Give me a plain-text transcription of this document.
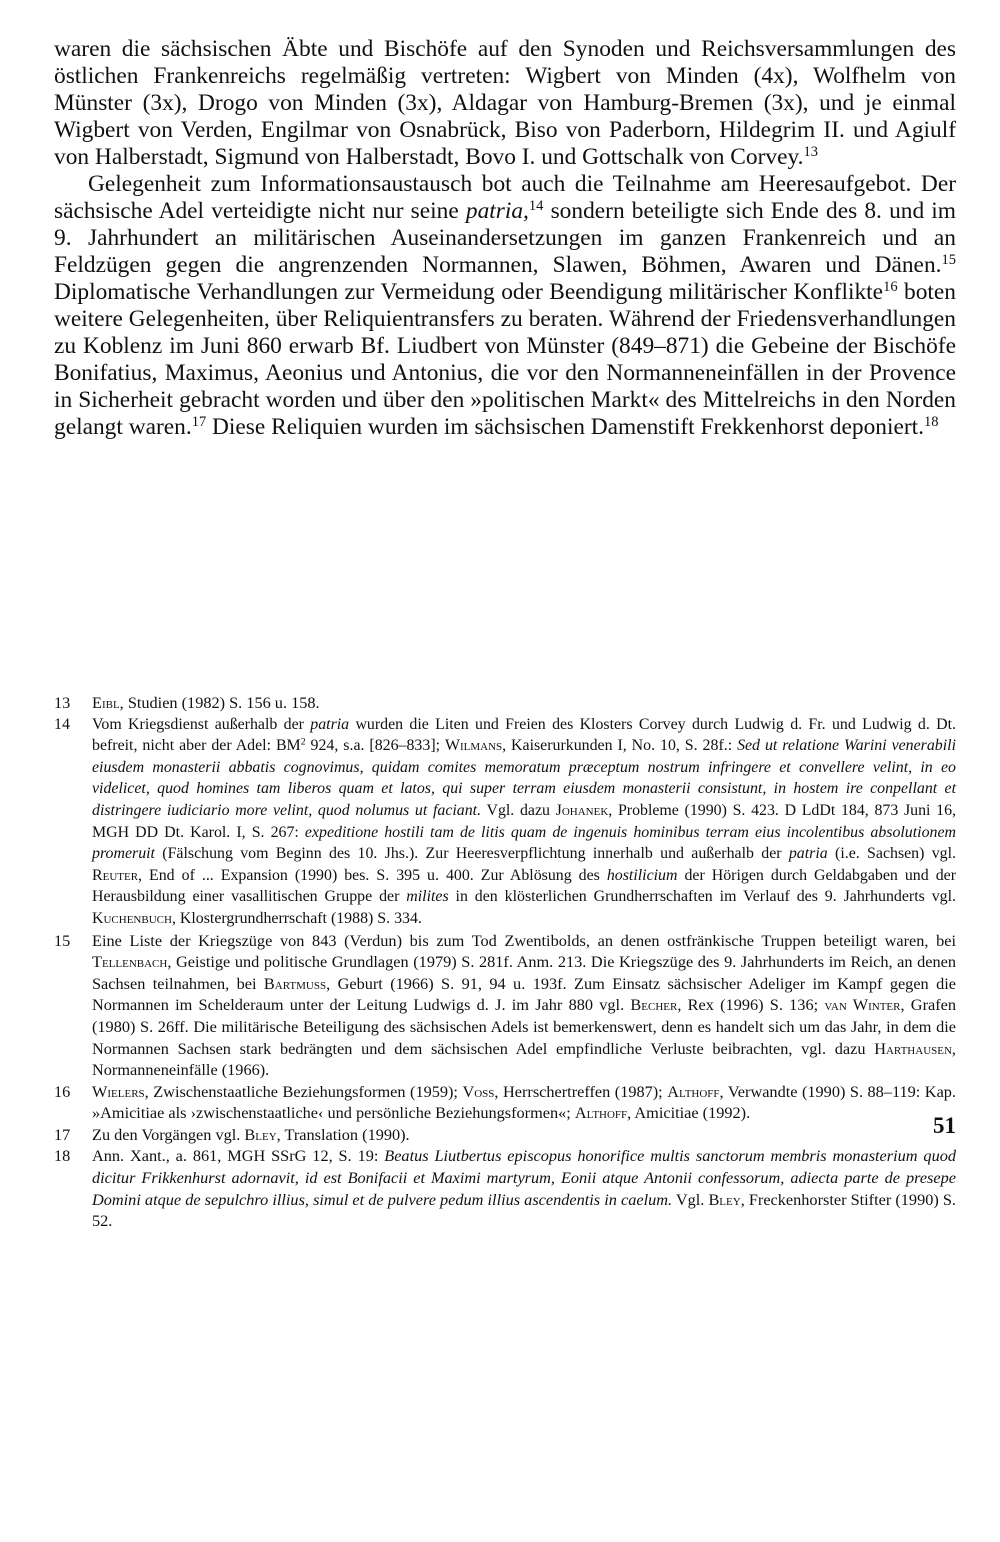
waren die sächsischen Äbte und Bischöfe auf den Synoden und Reichsversammlungen des östlichen Frankenreichs regelmäßig vertreten: Wigbert von Minden (4x), Wolfhelm von Münster (3x), Drogo von Minden (3x), Aldagar von Hamburg-Bremen (3x), und je einmal Wigbert von Verden, Engilmar von Osnabrück, Biso von Paderborn, Hildegrim II. und Agiulf von Halberstadt, Sigmund von Halberstadt, Bovo I. und Gottschalk von Corvey.$^{13}$

Gelegenheit zum Informationsaustausch bot auch die Teilnahme am Heeresaufgebot. Der sächsische Adel verteidigte nicht nur seine patria,$^{14}$ sondern beteiligte sich Ende des 8. und im 9. Jahrhundert an militärischen Auseinandersetzungen im ganzen Frankenreich und an Feldzügen gegen die angrenzenden Normannen, Slawen, Böhmen, Awaren und Dänen.$^{15}$ Diplomatische Verhandlungen zur Vermeidung oder Beendigung militärischer Konflikte$^{16}$ boten weitere Gelegenheiten, über Reliquientransfers zu beraten. Während der Friedensverhandlungen zu Koblenz im Juni 860 erwarb Bf. Liudbert von Münster (849–871) die Gebeine der Bischöfe Bonifatius, Maximus, Aeonius und Antonius, die vor den Normanneneinfällen in der Provence in Sicherheit gebracht worden und über den »politischen Markt« des Mittelreichs in den Norden gelangt waren.$^{17}$ Diese Reliquien wurden im sächsischen Damenstift Frekkenhorst deponiert.$^{18}$

13 Eibl, Studien (1982) S. 156 u. 158.
14 Vom Kriegsdienst außerhalb der patria wurden die Liten und Freien des Klosters Corvey durch Ludwig d. Fr. und Ludwig d. Dt. befreit, nicht aber der Adel: $BM^2$ 924, s.a. [826–833]; Wilmans, Kaiserurkunden I, No. 10, S. 28f.: Sed ut relatione Warini venerabili eiusdem monasterii abbatis cognovimus, quidam comites memoratum præceptum nostrum infringere et convellere velint, in eo videlicet, quod homines tam liberos quam et latos, qui super terram eiusdem monasterii consistunt, in hostem ire conpellant et distringere iudiciario more velint, quod nolumus ut faciant. Vgl. dazu Johanek, Probleme (1990) S. 423. D LdDt 184, 873 Juni 16, MGH DD Dt. Karol. I, S. 267: expeditione hostili tam de litis quam de ingenuis hominibus terram eius incolentibus absolutionem promeruit (Fälschung vom Beginn des 10. Jhs.). Zur Heeresverpflichtung innerhalb und außerhalb der patria (i.e. Sachsen) vgl. Reuter, End of ... Expansion (1990) bes. S. 395 u. 400. Zur Ablösung des hostilicium der Hörigen durch Geldabgaben und der Herausbildung einer vasallitischen Gruppe der milites in den klösterlichen Grundherrschaften im Verlauf des 9. Jahrhunderts vgl. Kuchenbuch, Klostergrundherrschaft (1988) S. 334.
15 Eine Liste der Kriegszüge von 843 (Verdun) bis zum Tod Zwentibolds, an denen ostfränkische Truppen beteiligt waren, bei Tellenbach, Geistige und politische Grundlagen (1979) S. 281f. Anm. 213. Die Kriegszüge des 9. Jahrhunderts im Reich, an denen Sachsen teilnahmen, bei Bartmuss, Geburt (1966) S. 91, 94 u. 193f. Zum Einsatz sächsischer Adeliger im Kampf gegen die Normannen im Schelderaum unter der Leitung Ludwigs d. J. im Jahr 880 vgl. Becher, Rex (1996) S. 136; van Winter, Grafen (1980) S. 26ff. Die militärische Beteiligung des sächsischen Adels ist bemerkenswert, denn es handelt sich um das Jahr, in dem die Normannen Sachsen stark bedrängten und dem sächsischen Adel empfindliche Verluste beibrachten, vgl. dazu Harthausen, Normanneneinfälle (1966).
16 Wielers, Zwischenstaatliche Beziehungsformen (1959); Voss, Herrschertreffen (1987); Althoff, Verwandte (1990) S. 88–119: Kap. »Amicitiae als ›zwischenstaatliche‹ und persönliche Beziehungsformen«; Althoff, Amicitiae (1992).
17 Zu den Vorgängen vgl. Bley, Translation (1990).
18 Ann. Xant., a. 861, MGH SSrG 12, S. 19: Beatus Liutbertus episcopus honorifice multis sanctorum membris monasterium quod dicitur Frikkenhurst adornavit, id est Bonifacii et Maximi martyrum, Eonii atque Antonii confessorum, adiecta parte de presepe Domini atque de sepulchro illius, simul et de pulvere pedum illius ascendentis in caelum. Vgl. Bley, Freckenhorster Stifter (1990) S. 52.
51
